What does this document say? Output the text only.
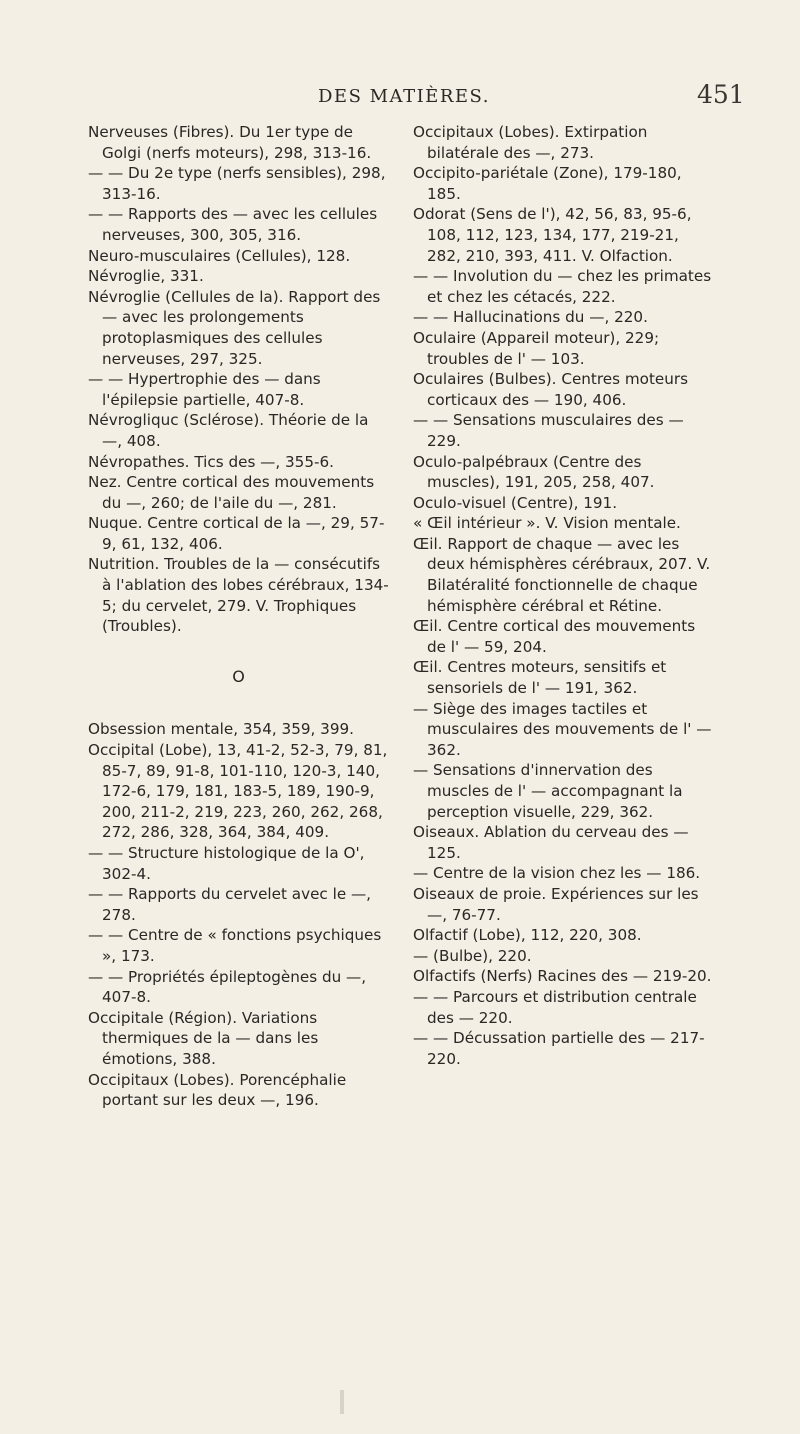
DES MATIÈRES.	451

Nerveuses (Fibres). Du 1er type de Golgi (nerfs moteurs), 298, 313-16.

— — Du 2e type (nerfs sensibles), 298, 313-16.

— — Rapports des — avec les cellules nerveuses, 300, 305, 316.

Neuro-musculaires (Cellules), 128.

Névroglie, 331.

Névroglie (Cellules de la). Rapport des — avec les prolongements protoplasmiques des cellules nerveuses, 297, 325.

— — Hypertrophie des — dans l'épilepsie partielle, 407-8.

Névrogliquc (Sclérose). Théorie de la —, 408.

Névropathes. Tics des —, 355-6.

Nez. Centre cortical des mouvements du —, 260; de l'aile du —, 281.

Nuque. Centre cortical de la —, 29, 57-9, 61, 132, 406.

Nutrition. Troubles de la — consécutifs à l'ablation des lobes cérébraux, 134-5; du cervelet, 279. V. Trophiques (Troubles).

O

Obsession mentale, 354, 359, 399.

Occipital (Lobe), 13, 41-2, 52-3, 79, 81, 85-7, 89, 91-8, 101-110, 120-3, 140, 172-6, 179, 181, 183-5, 189, 190-9, 200, 211-2, 219, 223, 260, 262, 268, 272, 286, 328, 364, 384, 409.

— — Structure histologique de la O', 302-4.

— — Rapports du cervelet avec le —, 278.

— — Centre de « fonctions psychiques », 173.

— — Propriétés épileptogènes du —, 407-8.

Occipitale (Région). Variations thermiques de la — dans les émotions, 388.

Occipitaux (Lobes). Porencéphalie portant sur les deux —, 196.

Occipitaux (Lobes). Extirpation bilatérale des —, 273.

Occipito-pariétale (Zone), 179-180, 185.

Odorat (Sens de l'), 42, 56, 83, 95-6, 108, 112, 123, 134, 177, 219-21, 282, 210, 393, 411. V. Olfaction.

— — Involution du — chez les primates et chez les cétacés, 222.

— — Hallucinations du —, 220.

Oculaire (Appareil moteur), 229; troubles de l' — 103.

Oculaires (Bulbes). Centres moteurs corticaux des — 190, 406.

— — Sensations musculaires des — 229.

Oculo-palpébraux (Centre des muscles), 191, 205, 258, 407.

Oculo-visuel (Centre), 191.

« Œil intérieur ». V. Vision mentale.

Œil. Rapport de chaque — avec les deux hémisphères cérébraux, 207. V. Bilatéralité fonctionnelle de chaque hémisphère cérébral et Rétine.

Œil. Centre cortical des mouvements de l' — 59, 204.

Œil. Centres moteurs, sensitifs et sensoriels de l' — 191, 362.

— Siège des images tactiles et musculaires des mouvements de l' — 362.

— Sensations d'innervation des muscles de l' — accompagnant la perception visuelle, 229, 362.

Oiseaux. Ablation du cerveau des — 125.

— Centre de la vision chez les — 186.

Oiseaux de proie. Expériences sur les —, 76-77.

Olfactif (Lobe), 112, 220, 308.

— (Bulbe), 220.

Olfactifs (Nerfs) Racines des — 219-20.

— — Parcours et distribution centrale des — 220.

— — Décussation partielle des — 217-220.
